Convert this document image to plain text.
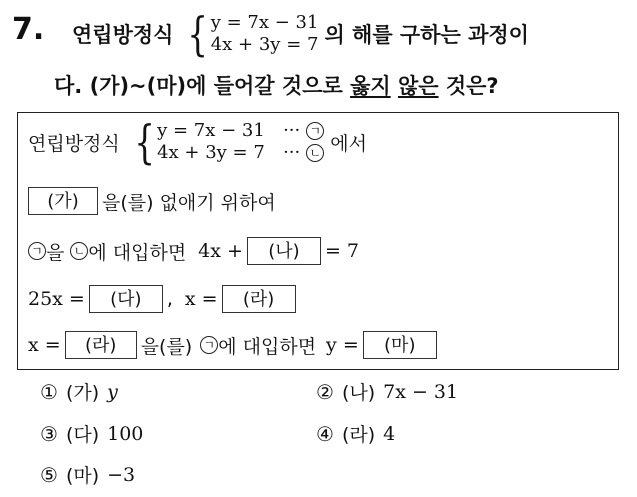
7. 연립방정식 { y = 7x − 31
4x + 3y = 7 의 해를 구하는 과정이
다. (가)~(마)에 들어갈 것으로 옳지 않은 것은?
연립방정식 { y = 7x − 31	··· ㄱ
4x + 3y = 7	··· ㄴ 에서
(가)	을(를) 없애기 위하여
ㄱ 을 ㄴ 에 대입하면 4x +	(나)	= 7
25x =	(다)	, x =	(라)
x =	(라)	을(를) ㄱ 에 대입하면 y =	(마)
① (가) y	② (나) 7x − 31
③ (다) 100	④ (라) 4
⑤ (마) −3
